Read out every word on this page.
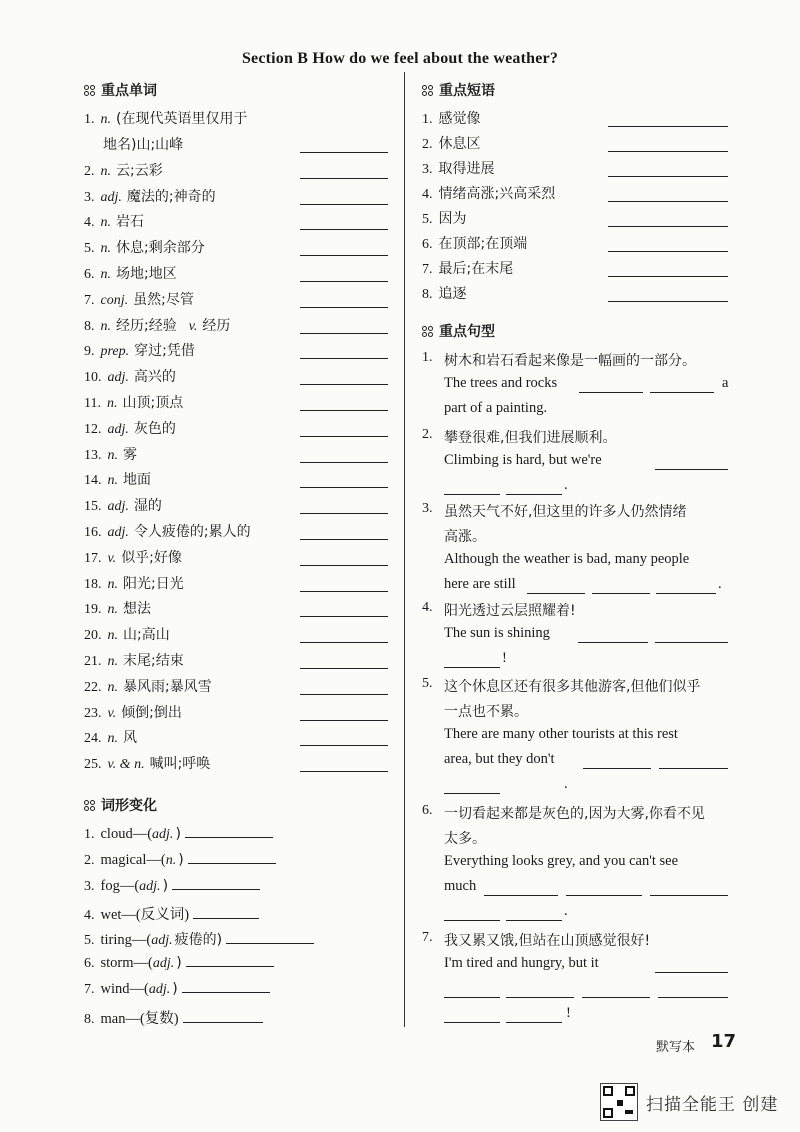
Section B How do we feel about the weather?
重点单词
1. n. (在现代英语里仅用于
地名)山;山峰
2. n. 云;云彩
3. adj. 魔法的;神奇的
4. n. 岩石
5. n. 休息;剩余部分
6. n. 场地;地区
7. conj. 虽然;尽管
8. n. 经历;经验 v. 经历
9. prep. 穿过;凭借
10. adj. 高兴的
11. n. 山顶;顶点
12. adj. 灰色的
13. n. 雾
14. n. 地面
15. adj. 湿的
16. adj. 令人疲倦的;累人的
17. v. 似乎;好像
18. n. 阳光;日光
19. n. 想法
20. n. 山;高山
21. n. 末尾;结束
22. n. 暴风雨;暴风雪
23. v. 倾倒;倒出
24. n. 风
25. v. & n. 喊叫;呼唤
词形变化
1. cloud—( adj. )
2. magical—( n. )
3. fog—( adj. )
4. wet—(反义词)
5. tiring—( adj. 疲倦的)
6. storm—( adj. )
7. wind—( adj. )
8. man—(复数)
重点短语
1. 感觉像
2. 休息区
3. 取得进展
4. 情绪高涨;兴高采烈
5. 因为
6. 在顶部;在顶端
7. 最后;在末尾
8. 追逐
重点句型
1. 树木和岩石看起来像是一幅画的一部分。
The trees and rocks	a
part of a painting.
2. 攀登很难,但我们进展顺利。
Climbing is hard, but we're
.
3. 虽然天气不好,但这里的许多人仍然情绪
高涨。
Although the weather is bad, many people
here are still	.
4. 阳光透过云层照耀着!
The sun is shining
!
5. 这个休息区还有很多其他游客,但他们似乎
一点也不累。
There are many other tourists at this rest
area, but they don't
.
6. 一切看起来都是灰色的,因为大雾,你看不见
太多。
Everything looks grey, and you can't see
much
.
7. 我又累又饿,但站在山顶感觉很好!
I'm tired and hungry, but it
!
默写本 17
扫描全能王 创建
